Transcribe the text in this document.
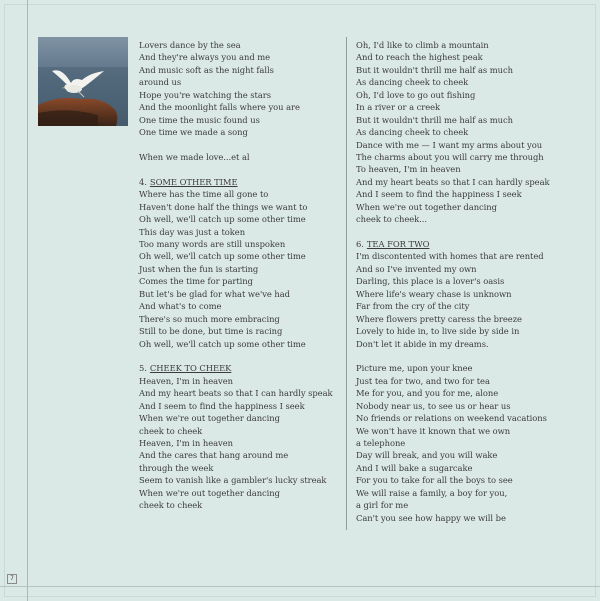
Lovers dance by the sea
And they're always you and me
And music soft as the night falls
around us
Hope you're watching the stars
And the moonlight falls where you are
One time the music found us
One time we made a song
When we made love...et al
4. SOME OTHER TIME
Where has the time all gone to
Haven't done half the things we want to
Oh well, we'll catch up some other time
This day was just a token
Too many words are still unspoken
Oh well, we'll catch up some other time
Just when the fun is starting
Comes the time for parting
But let's be glad for what we've had
And what's to come
There's so much more embracing
Still to be done, but time is racing
Oh well, we'll catch up some other time
5. CHEEK TO CHEEK
Heaven, I'm in heaven
And my heart beats so that I can hardly speak
And I seem to find the happiness I seek
When we're out together dancing
cheek to cheek
Heaven, I'm in heaven
And the cares that hang around me
through the week
Seem to vanish like a gambler's lucky streak
When we're out together dancing
cheek to cheek
Oh, I'd like to climb a mountain
And to reach the highest peak
But it wouldn't thrill me half as much
As dancing cheek to cheek
Oh, I'd love to go out fishing
In a river or a creek
But it wouldn't thrill me half as much
As dancing cheek to cheek
Dance with me — I want my arms about you
The charms about you will carry me through
To heaven, I'm in heaven
And my heart beats so that I can hardly speak
And I seem to find the happiness I seek
When we're out together dancing
cheek to cheek...
6. TEA FOR TWO
I'm discontented with homes that are rented
And so I've invented my own
Darling, this place is a lover's oasis
Where life's weary chase is unknown
Far from the cry of the city
Where flowers pretty caress the breeze
Lovely to hide in, to live side by side in
Don't let it abide in my dreams.
Picture me, upon your knee
Just tea for two, and two for tea
Me for you, and you for me, alone
Nobody near us, to see us or hear us
No friends or relations on weekend vacations
We won't have it known that we own
a telephone
Day will break, and you will wake
And I will bake a sugarcake
For you to take for all the boys to see
We will raise a family, a boy for you,
a girl for me
Can't you see how happy we will be
7
